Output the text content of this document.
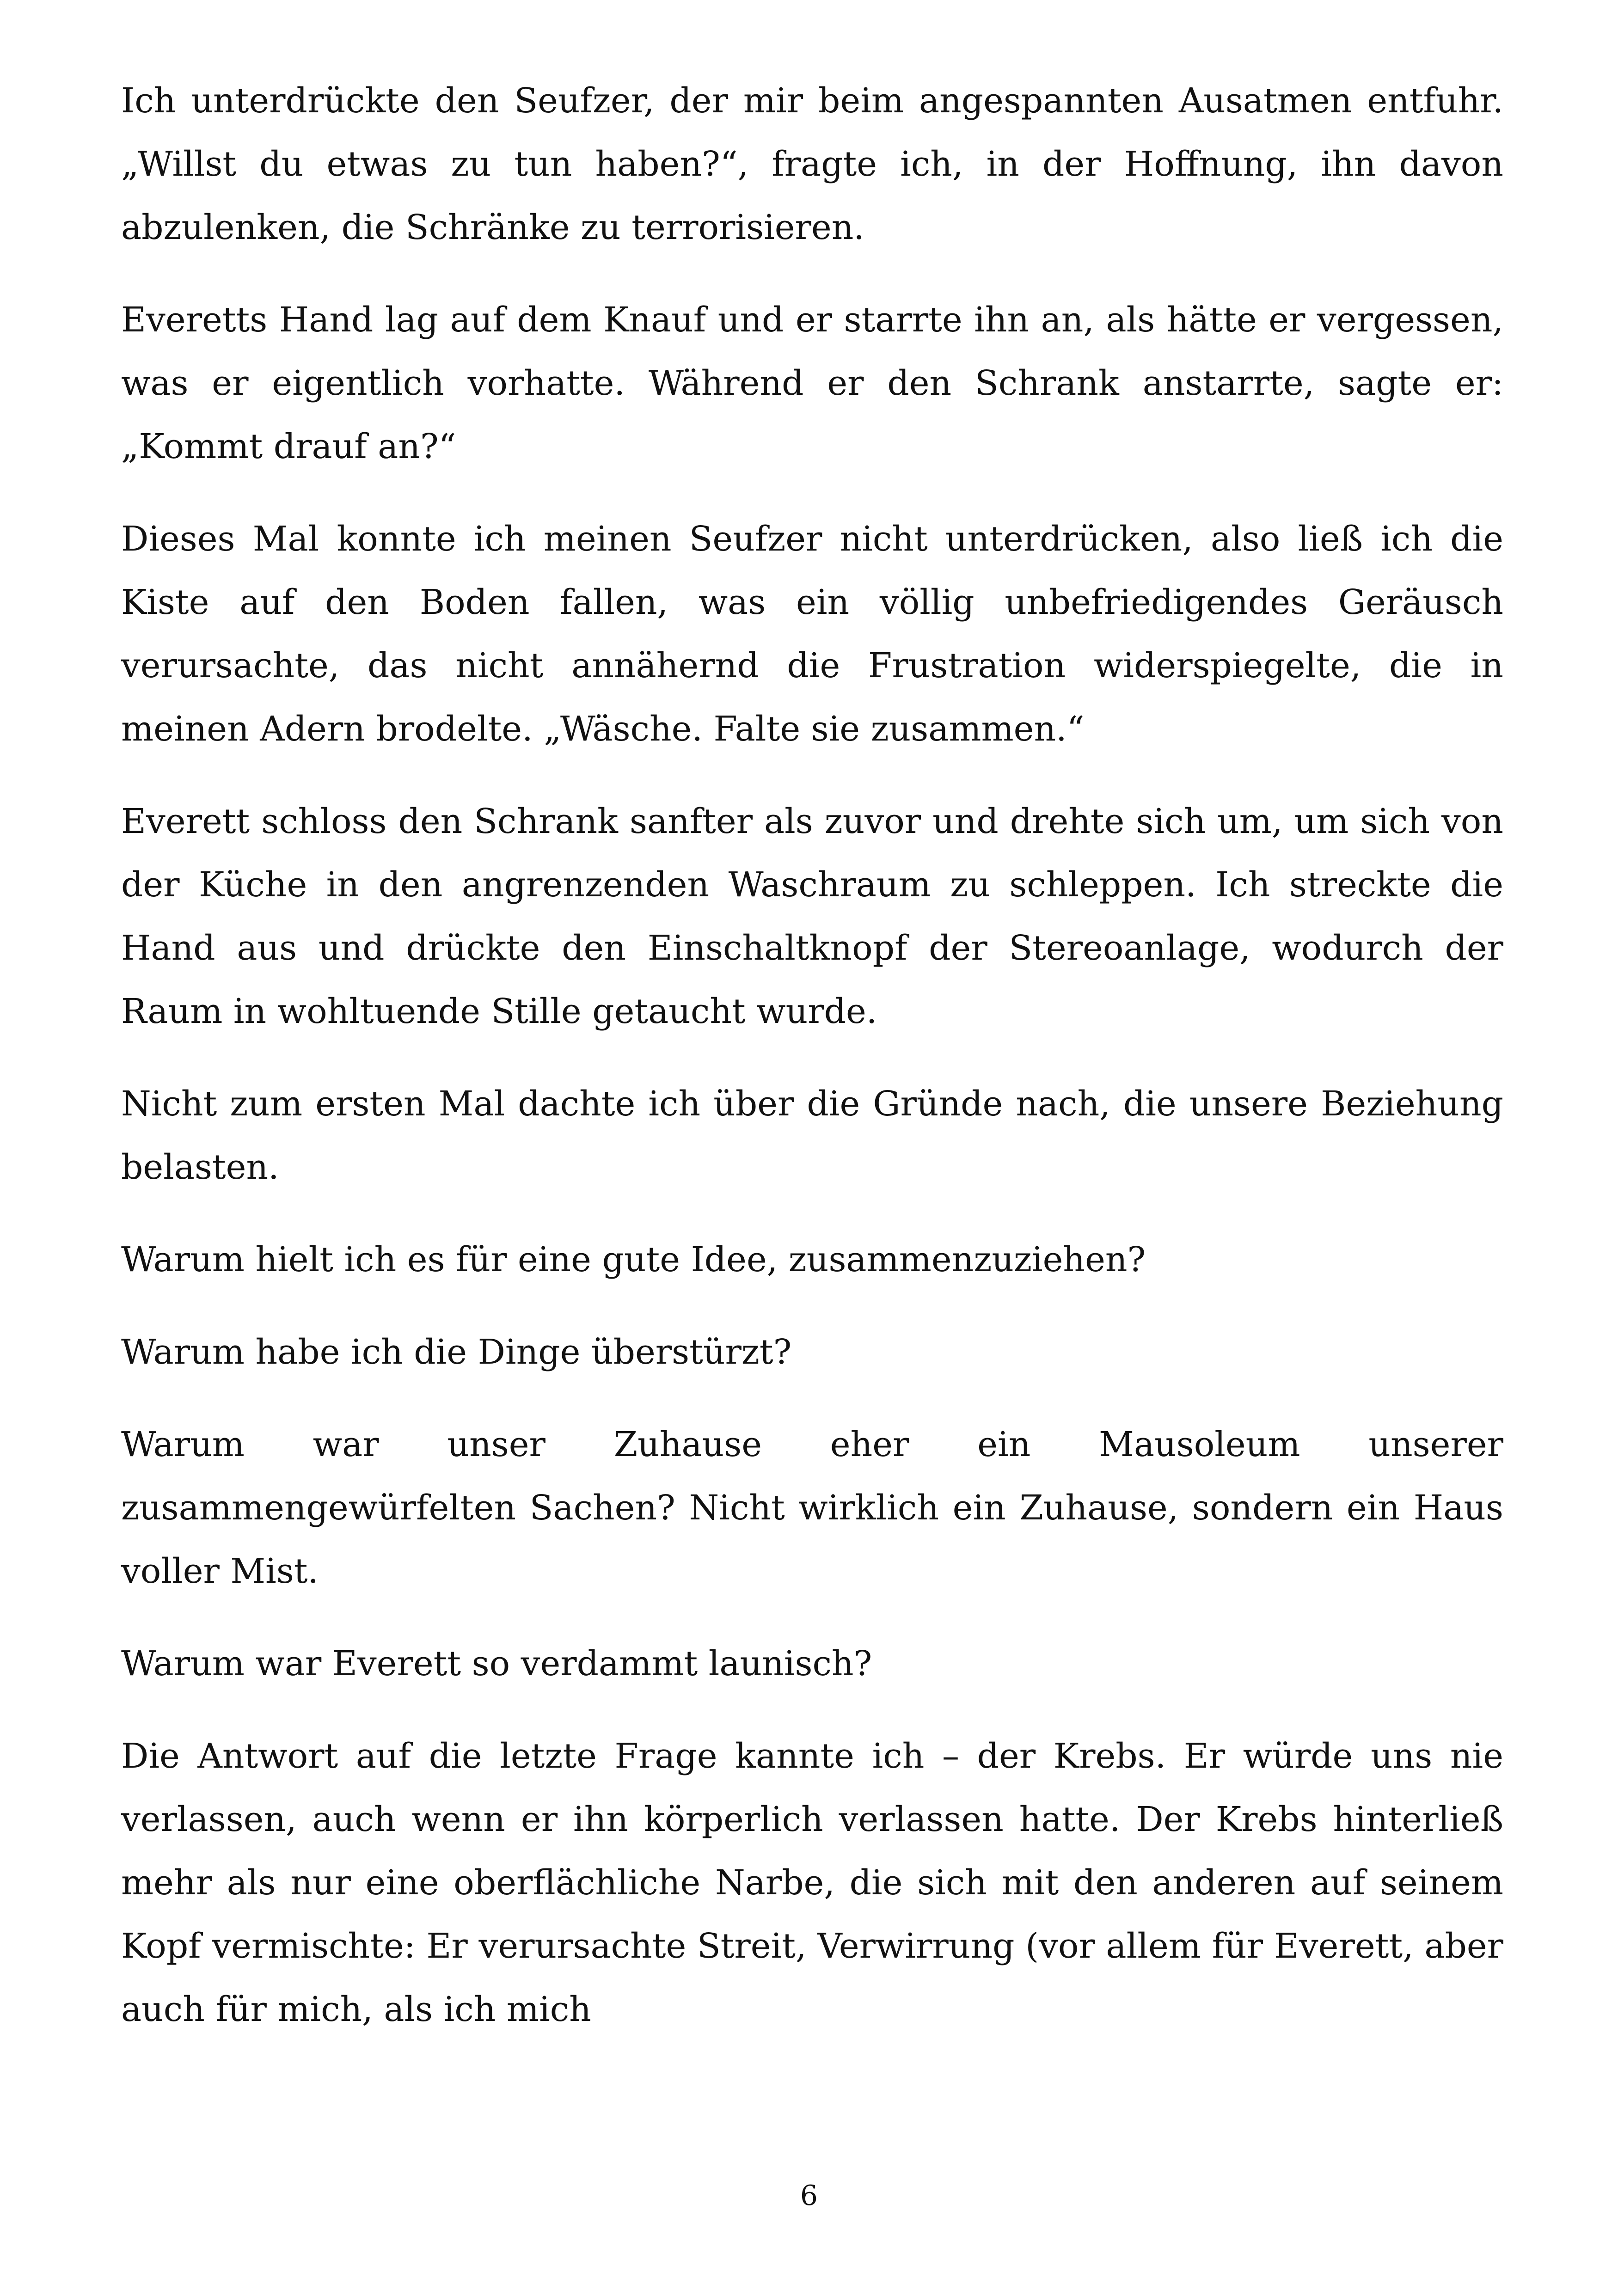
Ich unterdrückte den Seufzer, der mir beim angespannten Ausatmen entfuhr. „Willst du etwas zu tun haben?“, fragte ich, in der Hoffnung, ihn davon abzulenken, die Schränke zu terrorisieren.

Everetts Hand lag auf dem Knauf und er starrte ihn an, als hätte er vergessen, was er eigentlich vorhatte. Während er den Schrank anstarrte, sagte er: „Kommt drauf an?“

Dieses Mal konnte ich meinen Seufzer nicht unterdrücken, also ließ ich die Kiste auf den Boden fallen, was ein völlig unbefriedigendes Geräusch verursachte, das nicht annähernd die Frustration widerspiegelte, die in meinen Adern brodelte. „Wäsche. Falte sie zusammen.“

Everett schloss den Schrank sanfter als zuvor und drehte sich um, um sich von der Küche in den angrenzenden Waschraum zu schleppen. Ich streckte die Hand aus und drückte den Einschaltknopf der Stereoanlage, wodurch der Raum in wohltuende Stille getaucht wurde.

Nicht zum ersten Mal dachte ich über die Gründe nach, die unsere Beziehung belasten.

Warum hielt ich es für eine gute Idee, zusammenzuziehen?

Warum habe ich die Dinge überstürzt?

Warum war unser Zuhause eher ein Mausoleum unserer zusammengewürfelten Sachen? Nicht wirklich ein Zuhause, sondern ein Haus voller Mist.

Warum war Everett so verdammt launisch?

Die Antwort auf die letzte Frage kannte ich – der Krebs. Er würde uns nie verlassen, auch wenn er ihn körperlich verlassen hatte. Der Krebs hinterließ mehr als nur eine oberflächliche Narbe, die sich mit den anderen auf seinem Kopf vermischte: Er verursachte Streit, Verwirrung (vor allem für Everett, aber auch für mich, als ich mich

6
